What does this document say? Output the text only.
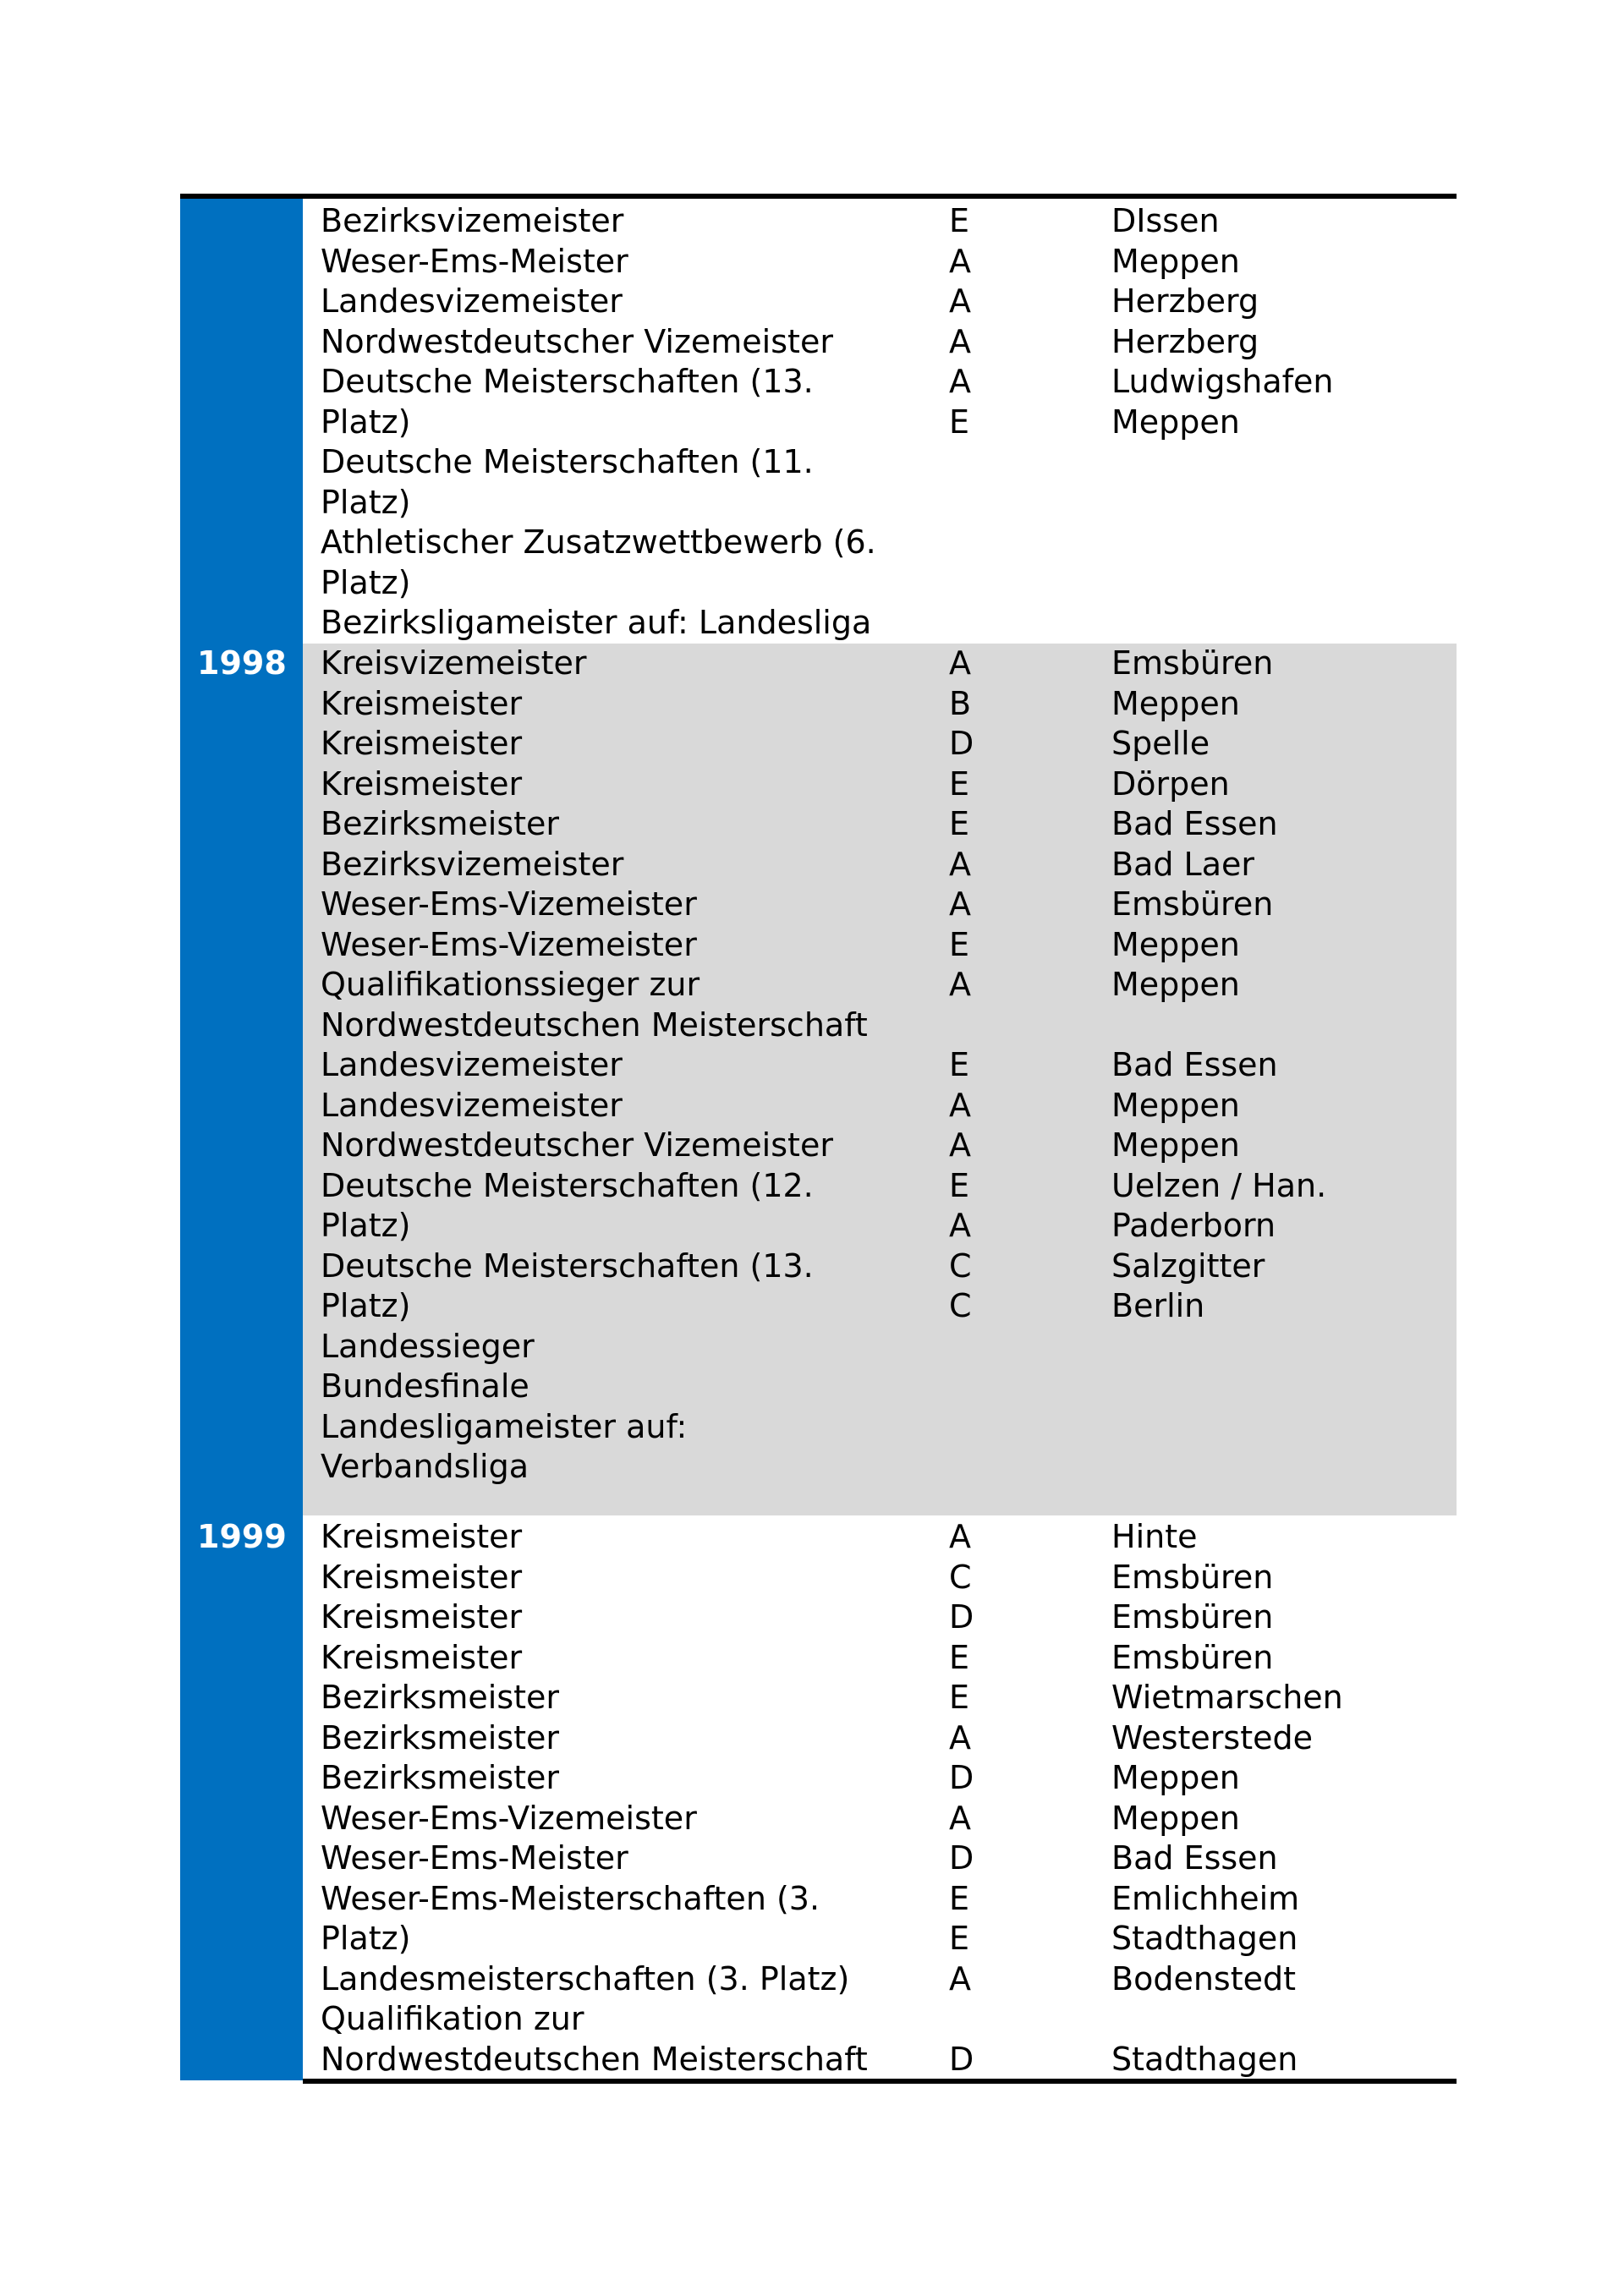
Bezirksvizemeister
Weser-Ems-Meister
Landesvizemeister
Nordwestdeutscher Vizemeister
Deutsche Meisterschaften (13.
Platz)
Deutsche Meisterschaften (11.
Platz)
Athletischer Zusatzwettbewerb (6.
Platz)
Bezirksligameister auf: Landesliga
E
A
A
A
A
E
DIssen
Meppen
Herzberg
Herzberg
Ludwigshafen
Meppen
1998 Kreisvizemeister
Kreismeister
Kreismeister
Kreismeister
Bezirksmeister
Bezirksvizemeister
Weser-Ems-Vizemeister
Weser-Ems-Vizemeister
Qualifikationssieger zur
Nordwestdeutschen Meisterschaft
Landesvizemeister
Landesvizemeister
Nordwestdeutscher Vizemeister
Deutsche Meisterschaften (12.
Platz)
Deutsche Meisterschaften (13.
Platz)
Landessieger
Bundesfinale
Landesligameister auf:
Verbandsliga
A
B
D
E
E
A
A
E
A
E
A
A
E
A
C
C
Emsbüren
Meppen
Spelle
Dörpen
Bad Essen
Bad Laer
Emsbüren
Meppen
Meppen
Bad Essen
Meppen
Meppen
Uelzen / Han.
Paderborn
Salzgitter
Berlin
1999 Kreismeister
Kreismeister
Kreismeister
Kreismeister
Bezirksmeister
Bezirksmeister
Bezirksmeister
Weser-Ems-Vizemeister
Weser-Ems-Meister
Weser-Ems-Meisterschaften (3.
Platz)
Landesmeisterschaften (3. Platz)
Qualifikation zur
Nordwestdeutschen Meisterschaft
A
C
D
E
E
A
D
A
D
E
E
A
D
Hinte
Emsbüren
Emsbüren
Emsbüren
Wietmarschen
Westerstede
Meppen
Meppen
Bad Essen
Emlichheim
Stadthagen
Bodenstedt
Stadthagen
